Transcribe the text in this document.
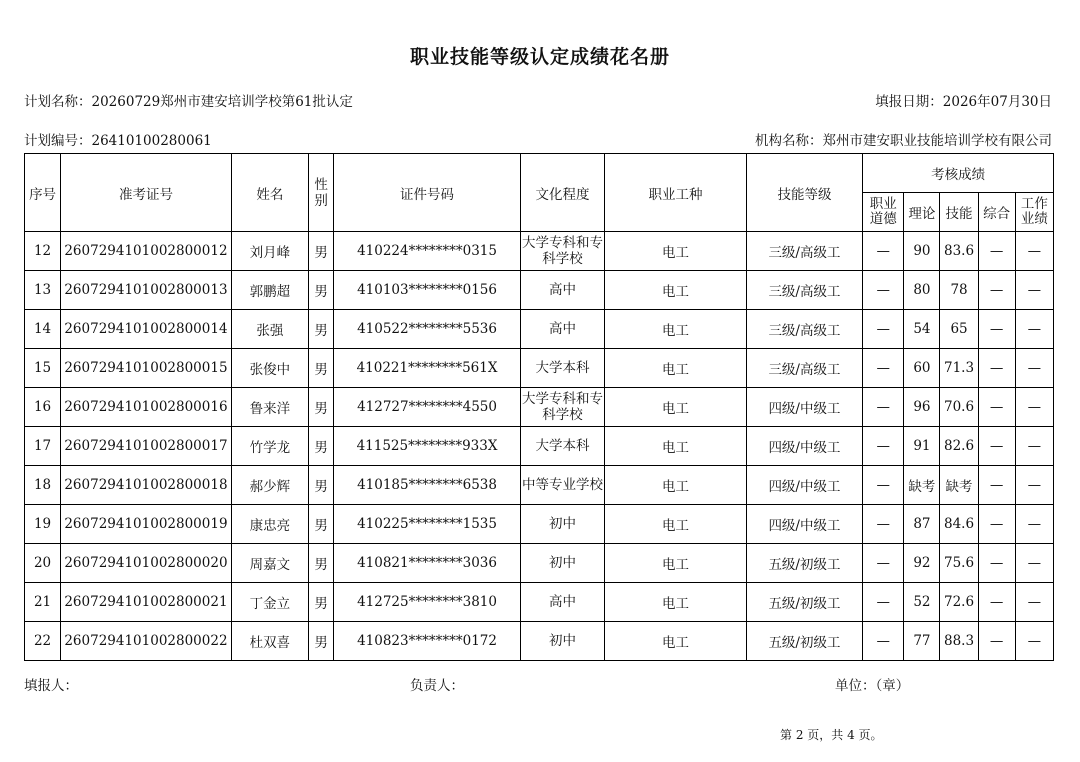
职业技能等级认定成绩花名册
计划名称：20260729郑州市建安培训学校第61批认定	填报日期：2026年07月30日
计划编号：26410100280061	机构名称：郑州市建安职业技能培训学校有限公司
序号	准考证号	姓名	性别	证件号码	文化程度	职业工种	技能等级	考核成绩				
								职业道德	理论	技能	综合	工作业绩
12	2607294101002800012	刘月峰	男	410224********0315	大学专科和专科学校	电工	三级/高级工	—	90	83.6	—	—
13	2607294101002800013	郭鹏超	男	410103********0156	高中	电工	三级/高级工	—	80	78	—	—
14	2607294101002800014	张强	男	410522********5536	高中	电工	三级/高级工	—	54	65	—	—
15	2607294101002800015	张俊中	男	410221********561X	大学本科	电工	三级/高级工	—	60	71.3	—	—
16	2607294101002800016	鲁来洋	男	412727********4550	大学专科和专科学校	电工	四级/中级工	—	96	70.6	—	—
17	2607294101002800017	竹学龙	男	411525********933X	大学本科	电工	四级/中级工	—	91	82.6	—	—
18	2607294101002800018	郝少辉	男	410185********6538	中等专业学校	电工	四级/中级工	—	缺考	缺考	—	—
19	2607294101002800019	康忠亮	男	410225********1535	初中	电工	四级/中级工	—	87	84.6	—	—
20	2607294101002800020	周嘉文	男	410821********3036	初中	电工	五级/初级工	—	92	75.6	—	—
21	2607294101002800021	丁金立	男	412725********3810	高中	电工	五级/初级工	—	52	72.6	—	—
22	2607294101002800022	杜双喜	男	410823********0172	初中	电工	五级/初级工	—	77	88.3	—	—
填报人：	负责人：	单位：（章）
第 2 页，共 4 页。
